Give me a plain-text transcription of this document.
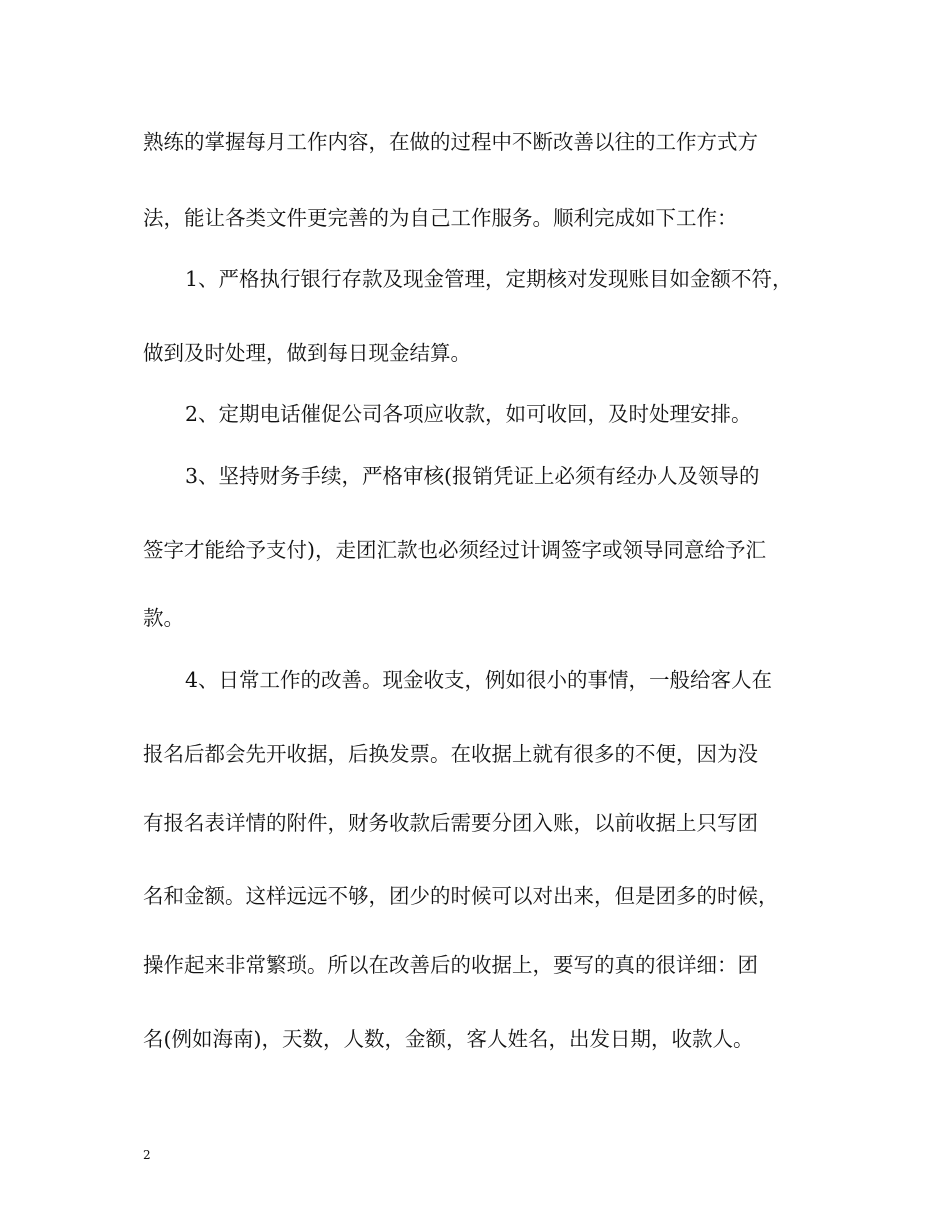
熟练的掌握每月工作内容，在做的过程中不断改善以往的工作方式方
法，能让各类文件更完善的为自己工作服务。顺利完成如下工作：
1、严格执行银行存款及现金管理，定期核对发现账目如金额不符，
做到及时处理，做到每日现金结算。
2、定期电话催促公司各项应收款，如可收回，及时处理安排。
3、坚持财务手续，严格审核(报销凭证上必须有经办人及领导的
签字才能给予支付)，走团汇款也必须经过计调签字或领导同意给予汇
款。
4、日常工作的改善。现金收支，例如很小的事情，一般给客人在
报名后都会先开收据，后换发票。在收据上就有很多的不便，因为没
有报名表详情的附件，财务收款后需要分团入账，以前收据上只写团
名和金额。这样远远不够，团少的时候可以对出来，但是团多的时候，
操作起来非常繁琐。所以在改善后的收据上，要写的真的很详细：团
名(例如海南)，天数，人数，金额，客人姓名，出发日期，收款人。
2
